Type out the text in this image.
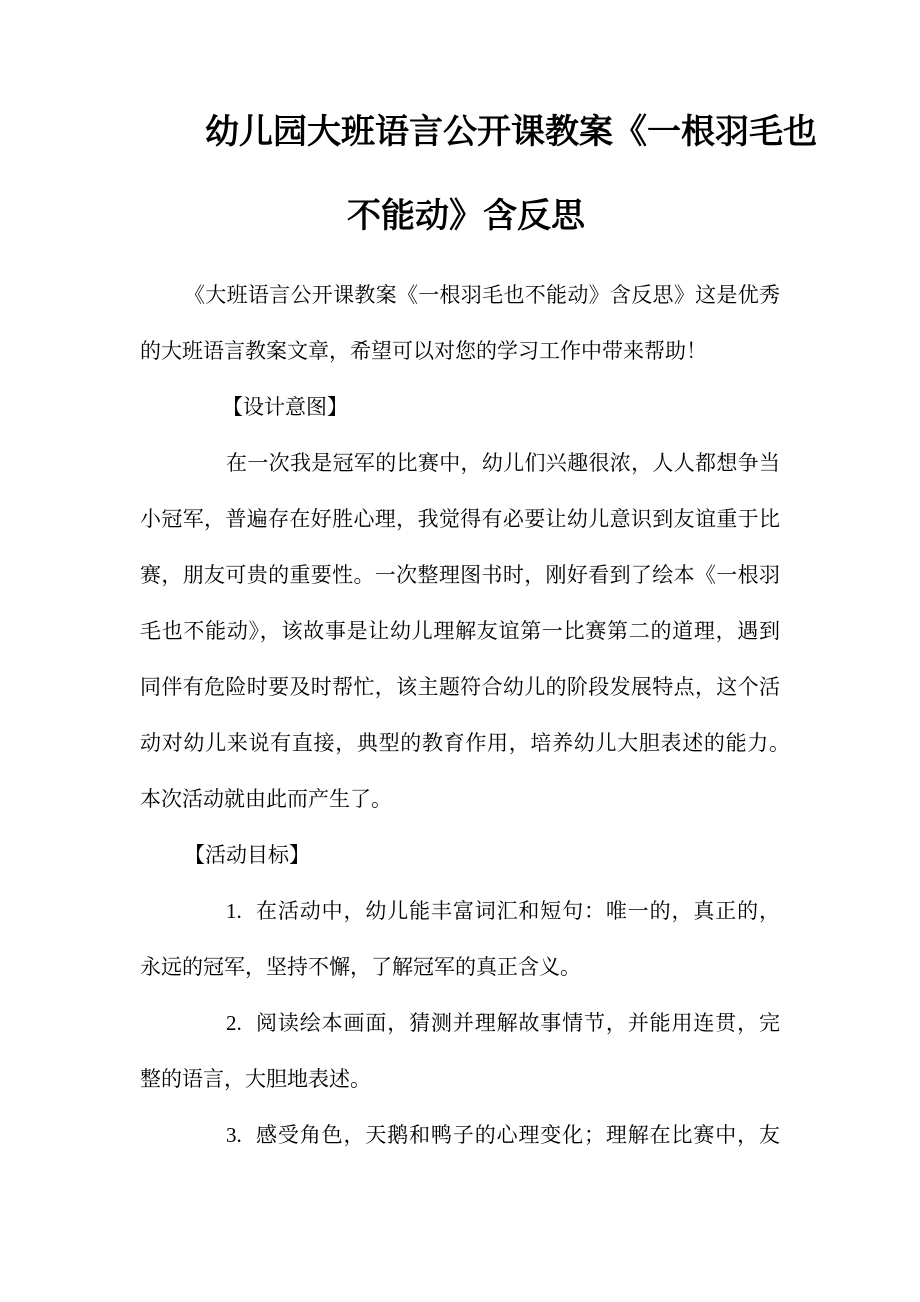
幼儿园大班语言公开课教案《一根羽毛也
不能动》含反思
《大班语言公开课教案《一根羽毛也不能动》含反思》这是优秀
的大班语言教案文章，希望可以对您的学习工作中带来帮助！
【设计意图】
在一次我是冠军的比赛中，幼儿们兴趣很浓，人人都想争当
小冠军，普遍存在好胜心理，我觉得有必要让幼儿意识到友谊重于比
赛，朋友可贵的重要性。一次整理图书时，刚好看到了绘本《一根羽
毛也不能动》，该故事是让幼儿理解友谊第一比赛第二的道理，遇到
同伴有危险时要及时帮忙，该主题符合幼儿的阶段发展特点，这个活
动对幼儿来说有直接，典型的教育作用，培养幼儿大胆表述的能力。
本次活动就由此而产生了。
【活动目标】
1. 在活动中，幼儿能丰富词汇和短句：唯一的，真正的，
永远的冠军，坚持不懈，了解冠军的真正含义。
2. 阅读绘本画面，猜测并理解故事情节，并能用连贯，完
整的语言，大胆地表述。
3. 感受角色，天鹅和鸭子的心理变化；理解在比赛中，友
